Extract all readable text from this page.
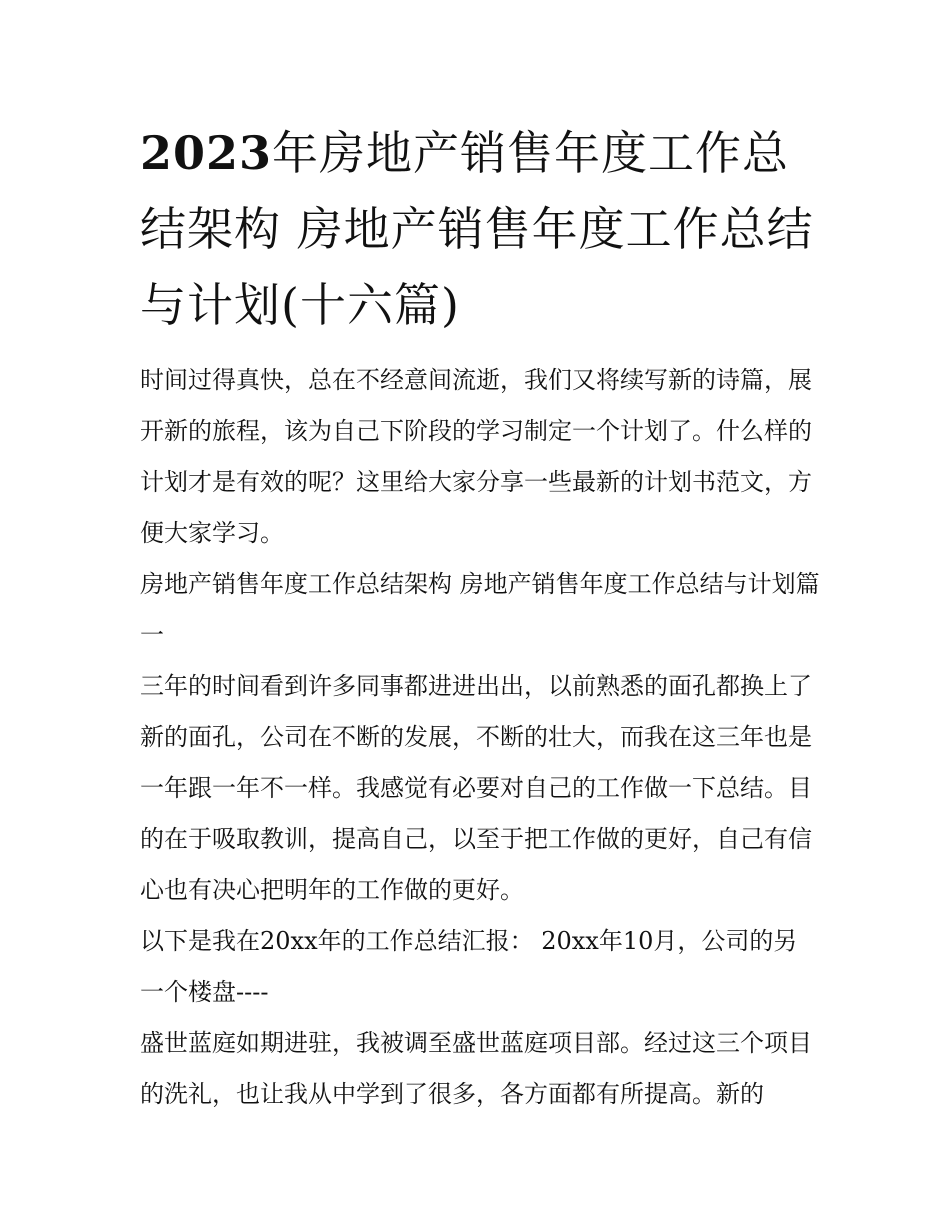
2023年房地产销售年度工作总结架构 房地产销售年度工作总结与计划(十六篇)

时间过得真快，总在不经意间流逝，我们又将续写新的诗篇，展开新的旅程，该为自己下阶段的学习制定一个计划了。什么样的计划才是有效的呢？这里给大家分享一些最新的计划书范文，方便大家学习。

房地产销售年度工作总结架构 房地产销售年度工作总结与计划篇一

三年的时间看到许多同事都进进出出，以前熟悉的面孔都换上了新的面孔，公司在不断的发展，不断的壮大，而我在这三年也是一年跟一年不一样。我感觉有必要对自己的工作做一下总结。目的在于吸取教训，提高自己，以至于把工作做的更好，自己有信心也有决心把明年的工作做的更好。

以下是我在20xx年的工作总结汇报： 20xx年10月，公司的另一个楼盘----

盛世蓝庭如期进驻，我被调至盛世蓝庭项目部。经过这三个项目的洗礼，也让我从中学到了很多，各方面都有所提高。新的
